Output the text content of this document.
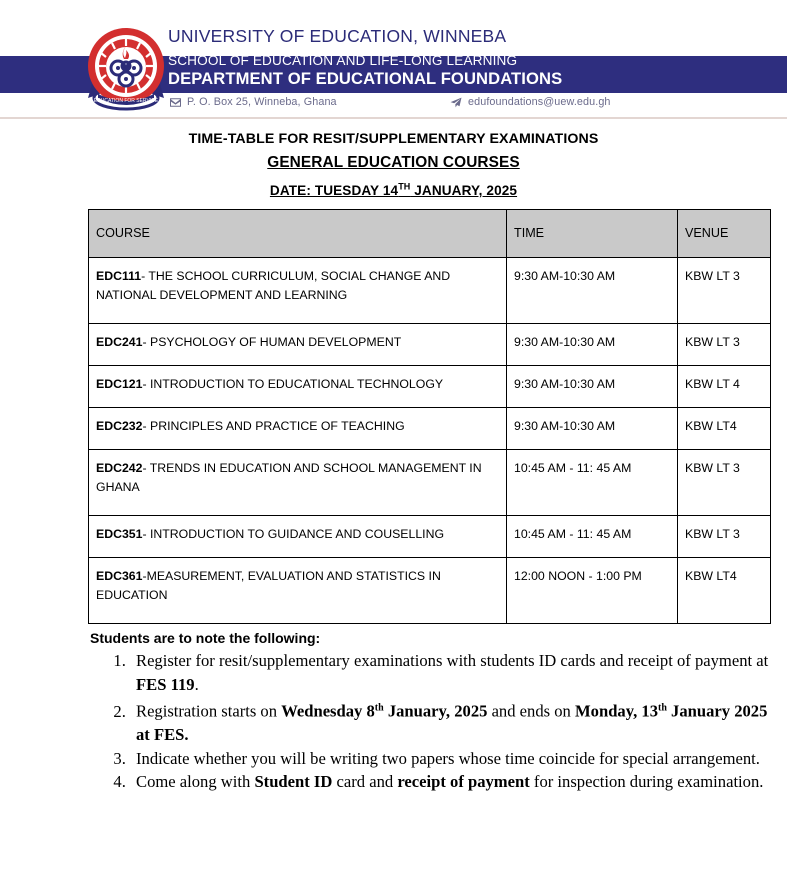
EDUCATION FOR SERVICE
UNIVERSITY OF EDUCATION, WINNEBA
SCHOOL OF EDUCATION AND LIFE-LONG LEARNING
DEPARTMENT OF EDUCATIONAL FOUNDATIONS
P. O. Box 25, Winneba, Ghana	edufoundations@uew.edu.gh
TIME-TABLE FOR RESIT/SUPPLEMENTARY EXAMINATIONS
GENERAL EDUCATION COURSES
DATE: TUESDAY 14TH JANUARY, 2025
COURSE	TIME	VENUE
EDC111- THE SCHOOL CURRICULUM, SOCIAL CHANGE AND NATIONAL DEVELOPMENT AND LEARNING	9:30 AM-10:30 AM	KBW LT 3
EDC241- PSYCHOLOGY OF HUMAN DEVELOPMENT	9:30 AM-10:30 AM	KBW LT 3
EDC121- INTRODUCTION TO EDUCATIONAL TECHNOLOGY	9:30 AM-10:30 AM	KBW LT 4
EDC232- PRINCIPLES AND PRACTICE OF TEACHING	9:30 AM-10:30 AM	KBW LT4
EDC242- TRENDS IN EDUCATION AND SCHOOL MANAGEMENT IN GHANA	10:45 AM - 11: 45 AM	KBW LT 3
EDC351- INTRODUCTION TO GUIDANCE AND COUSELLING	10:45 AM - 11: 45 AM	KBW LT 3
EDC361-MEASUREMENT, EVALUATION AND STATISTICS IN EDUCATION	12:00 NOON - 1:00 PM	KBW LT4
Students are to note the following:
1. Register for resit/supplementary examinations with students ID cards and receipt of payment at FES 119.
2. Registration starts on Wednesday 8th January, 2025 and ends on Monday, 13th January 2025 at FES.
3. Indicate whether you will be writing two papers whose time coincide for special arrangement.
4. Come along with Student ID card and receipt of payment for inspection during examination.
